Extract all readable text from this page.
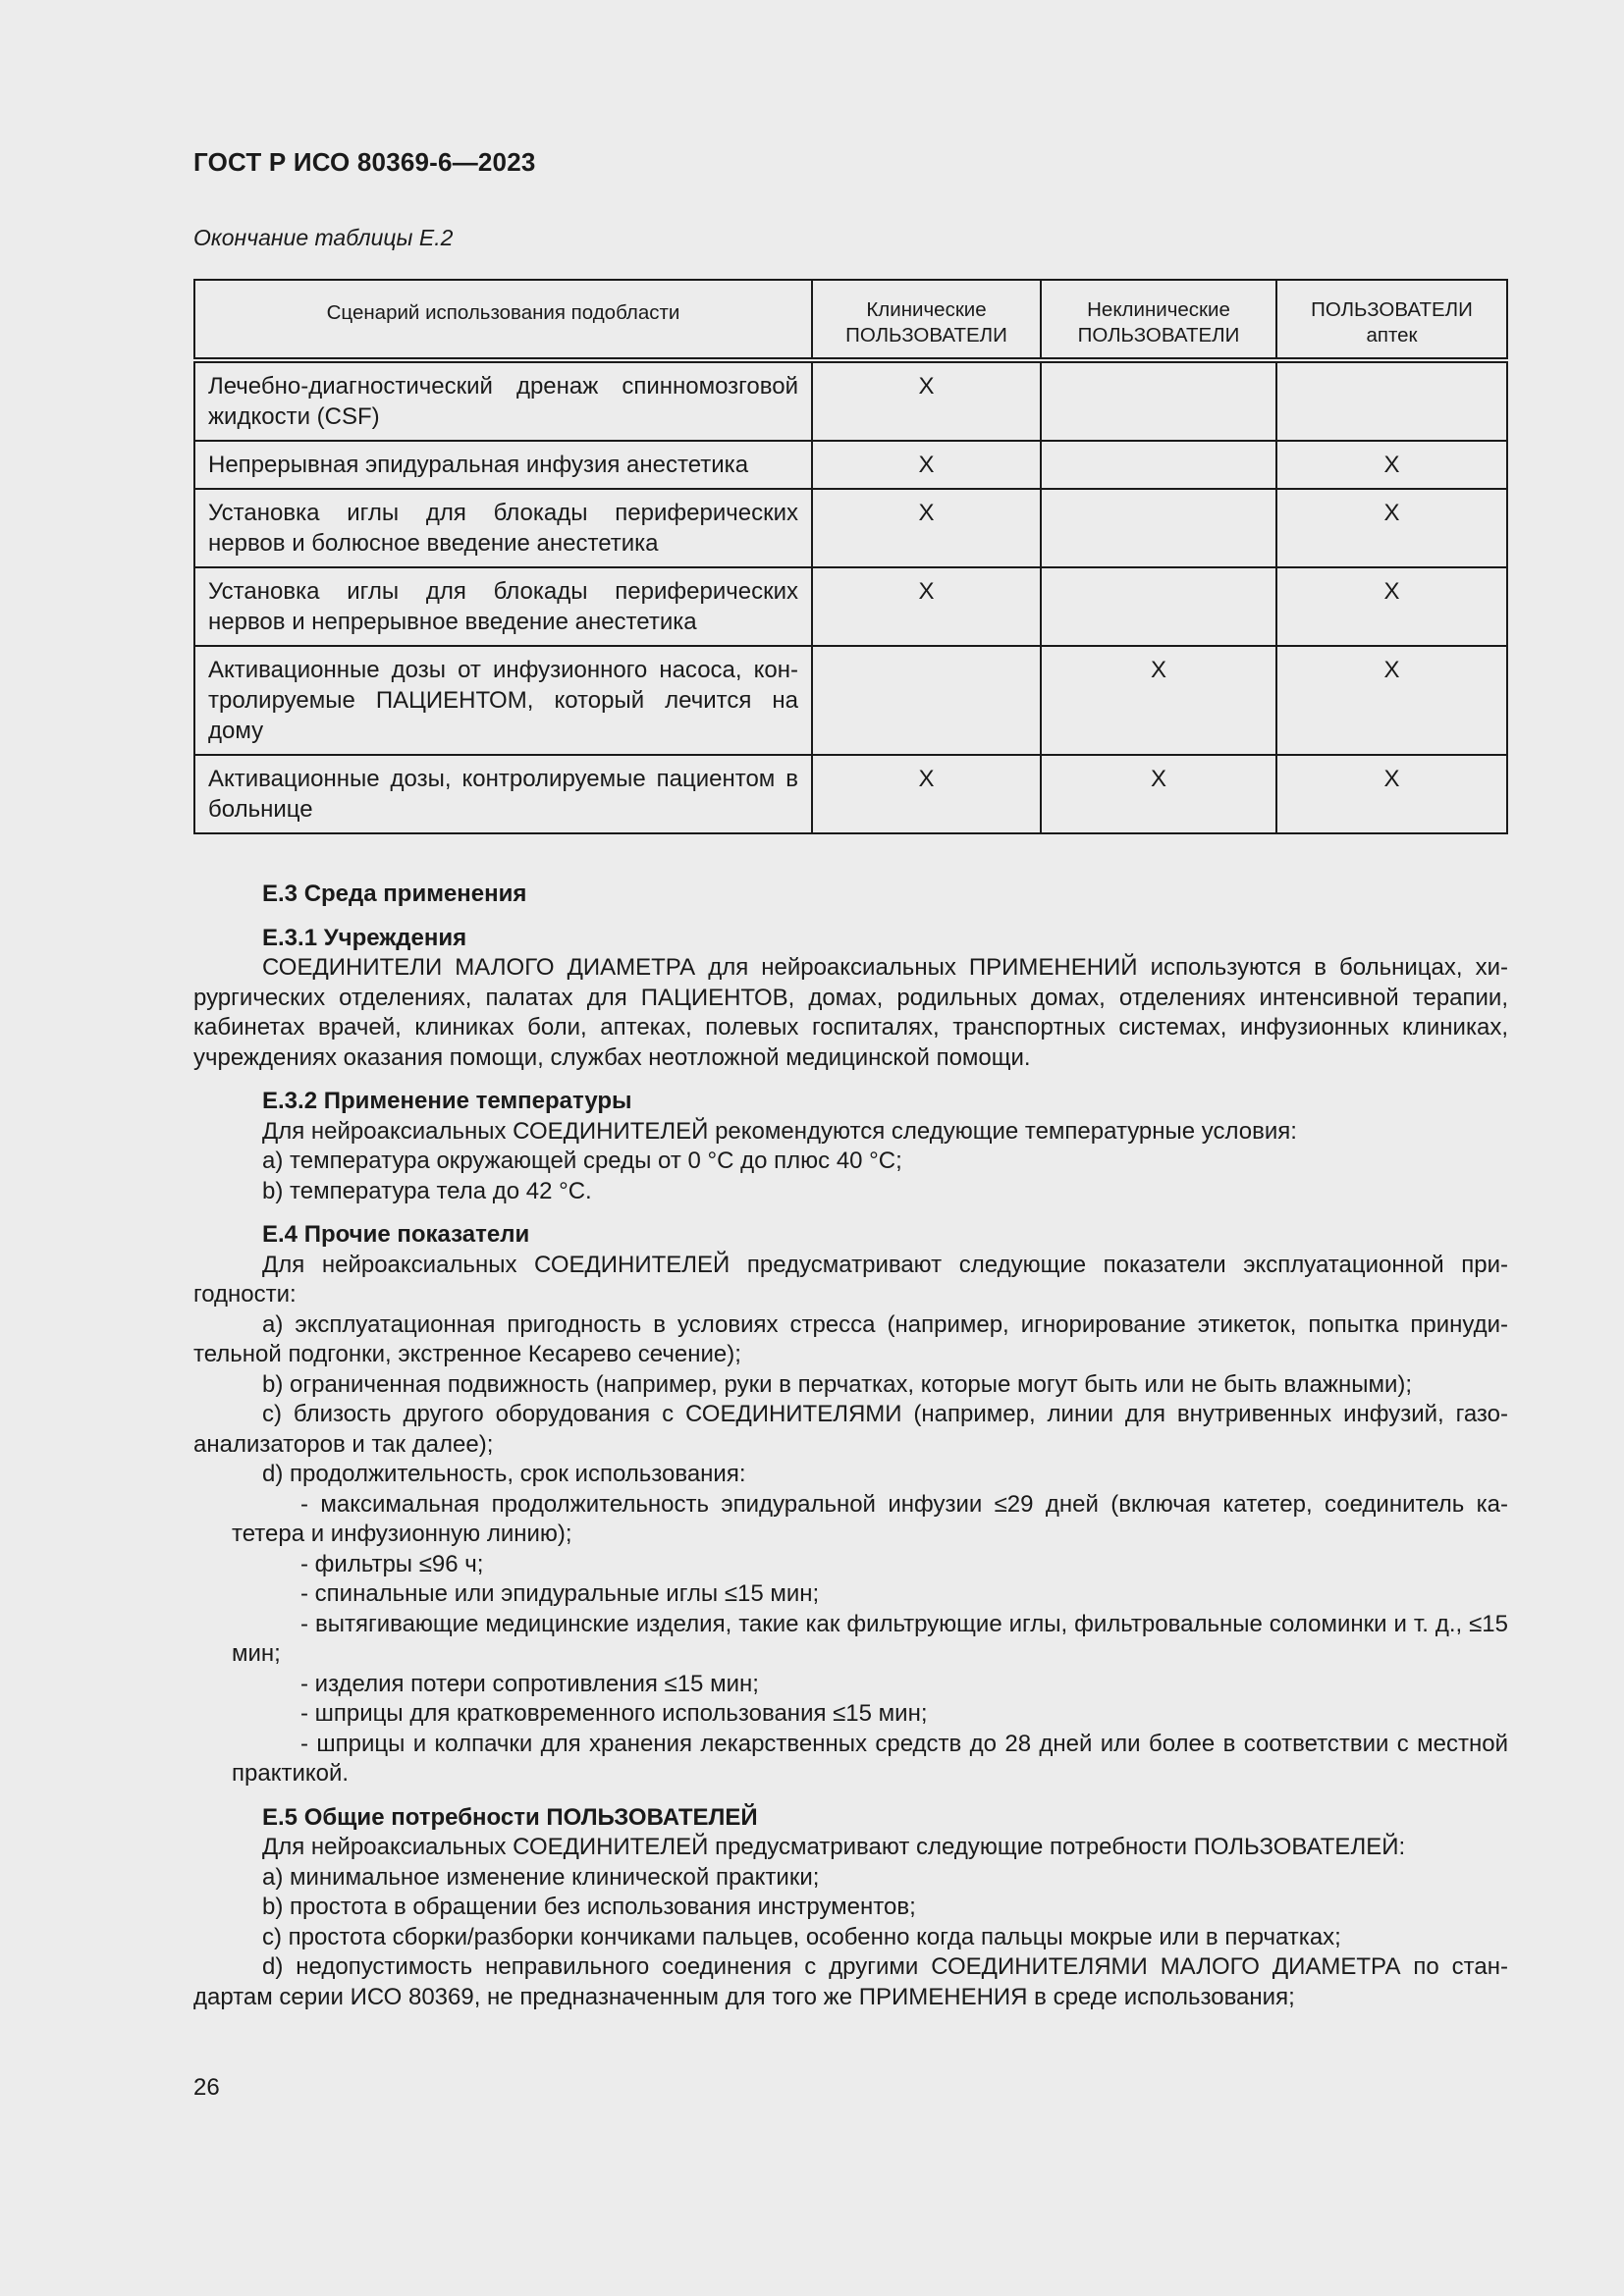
ГОСТ Р ИСО 80369-6—2023
Окончание таблицы Е.2
Сценарий использования подобласти	Клинические ПОЛЬЗОВАТЕЛИ	Неклинические ПОЛЬЗОВАТЕЛИ	ПОЛЬЗОВАТЕЛИ аптек
Лечебно-диагностический дренаж спинномозговой жидкости (CSF)	X		
Непрерывная эпидуральная инфузия анестетика	X		X
Установка иглы для блокады периферических нервов и болюсное введение анестетика	X		X
Установка иглы для блокады периферических нервов и непрерывное введение анестетика	X		X
Активационные дозы от инфузионного насоса, контролируемые ПАЦИЕНТОМ, который лечится на дому		X	X
Активационные дозы, контролируемые пациентом в больнице	X	X	X
Е.3 Среда применения
Е.3.1 Учреждения

СОЕДИНИТЕЛИ МАЛОГО ДИАМЕТРА для нейроаксиальных ПРИМЕНЕНИЙ используются в больницах, хирургических отделениях, палатах для ПАЦИЕНТОВ, домах, родильных домах, отделениях интенсивной терапии, кабинетах врачей, клиниках боли, аптеках, полевых госпиталях, транспортных системах, инфузионных клиниках, учреждениях оказания помощи, службах неотложной медицинской помощи.

Е.3.2 Применение температуры

Для нейроаксиальных СОЕДИНИТЕЛЕЙ рекомендуются следующие температурные условия:

a) температура окружающей среды от 0 °С до плюс 40 °С;
b) температура тела до 42 °С.
Е.4 Прочие показатели

Для нейроаксиальных СОЕДИНИТЕЛЕЙ предусматривают следующие показатели эксплуатационной пригодности:

a) эксплуатационная пригодность в условиях стресса (например, игнорирование этикеток, попытка принудительной подгонки, экстренное Кесарево сечение);

b) ограниченная подвижность (например, руки в перчатках, которые могут быть или не быть влажными);

c) близость другого оборудования с СОЕДИНИТЕЛЯМИ (например, линии для внутривенных инфузий, газоанализаторов и так далее);

d) продолжительность, срок использования:

- максимальная продолжительность эпидуральной инфузии ≤29 дней (включая катетер, соединитель катетера и инфузионную линию);

- фильтры ≤96 ч;

- спинальные или эпидуральные иглы ≤15 мин;

- вытягивающие медицинские изделия, такие как фильтрующие иглы, фильтровальные соломинки и т. д., ≤15 мин;

- изделия потери сопротивления ≤15 мин;

- шприцы для кратковременного использования ≤15 мин;

- шприцы и колпачки для хранения лекарственных средств до 28 дней или более в соответствии с местной практикой.

Е.5 Общие потребности ПОЛЬЗОВАТЕЛЕЙ

Для нейроаксиальных СОЕДИНИТЕЛЕЙ предусматривают следующие потребности ПОЛЬЗОВАТЕЛЕЙ:

a) минимальное изменение клинической практики;

b) простота в обращении без использования инструментов;

c) простота сборки/разборки кончиками пальцев, особенно когда пальцы мокрые или в перчатках;

d) недопустимость неправильного соединения с другими СОЕДИНИТЕЛЯМИ МАЛОГО ДИАМЕТРА по стандартам серии ИСО 80369, не предназначенным для того же ПРИМЕНЕНИЯ в среде использования;

26
